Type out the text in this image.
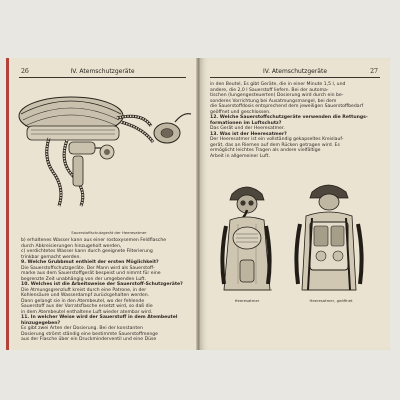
26	IV. Atemschutzgeräte
Sauerstoffschutzgerät der Heeresatmer

b) erhaltenes Wasser kann aus einer rostoxysemen Feldflasche

durch Abkreisierungen hinzugeholt werden,

c) verdichtetes Wasser kann durch geeignete Filterierung

trinkbar gemacht werden.

9. Welche Grubbmut enthielt der ersten Möglichkeit?

Die Sauerstoffschutzgeräte. Der Mann wird als Sauerstoff-

marke aus dem Sauerstoffgerät bespeist und nimmt für eine

begrenzte Zeit unabhängig von der umgebenden Luft.

10. Welches ist die Arbeitsweise der Sauerstoff-Schutzgeräte?

Die Atmungsgrenzluft kreist durch eine Patrone, in der

Kohlensäure und Wasserdampf zurückgehalten werden.

Dann gelangt sie in den Atembeutel, wo der fehlende

Sauerstoff aus der Vorratsflasche ersetzt wird, so daß die

in dem Atembeutel enthaltene Luft wieder atembar wird.

11. In welcher Weise wird der Sauerstoff in dem Atembeutel

hinzugegeben?

Es gibt zwei Arten der Dosierung. Bei der konstanten

Dosierung strömt ständig eine bestimmte Sauerstoffmenge

aus der Flasche über ein Druckminderventil und eine Düse

IV. Atemschutzgeräte	27

in den Beutel, Es gibt Geräte, die in einer Minute 1,5 l, und

andere, die 2,0 l Sauerstoff liefern. Bei der automa-

tischen (lungengesteuerten) Dosierung wird durch ein be-

sonderes Vorrichtung bei Ausatmungsmangel, bei dem

die Sauerstoffdosis entsprechend dem jeweiligen Sauerstoffbedarf

geöffnet und geschlossen.

12. Welche Sauerstoffschutzgeräte verwenden die Rettungs-

formationen im Luftschutz?

Das Gerät und der Heeresatmer.

13. Was ist der Heeresatmer?

Der Heeresatmer ist ein vollständig gekapseltes Kreislauf-

gerät, das an Riemen auf dem Rücken getragen wird. Es

ermöglicht leichtes Tragen als andere vielfältige

Arbeit in allgemeiner Luft.

Heeresatmer	Heeresatmer, geöffnet
